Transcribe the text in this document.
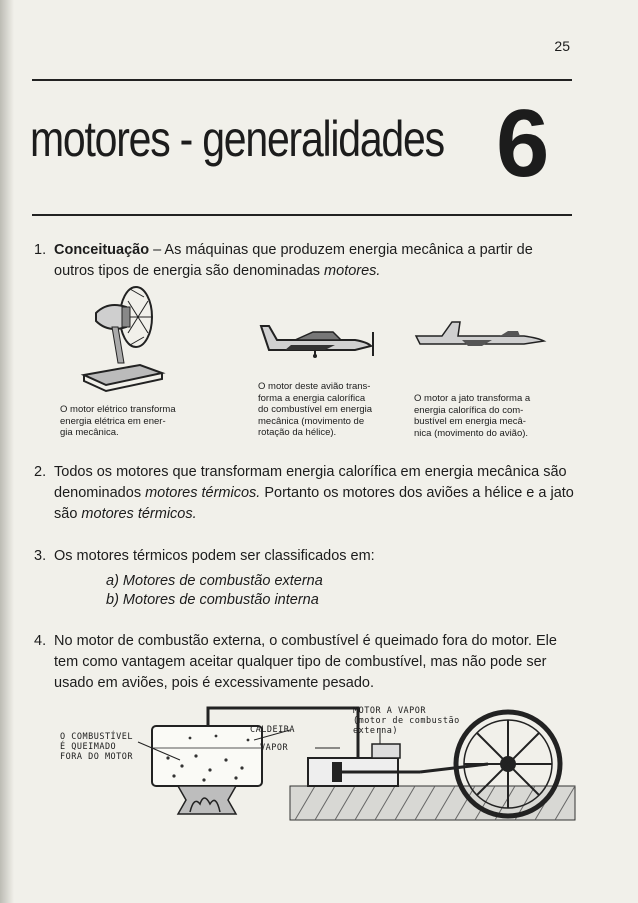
25
motores - generalidades 6
1. Conceituação – As máquinas que produzem energia mecânica a partir de outros tipos de energia são denominadas motores.
O motor elétrico transforma
energia elétrica em ener-
gia mecânica.
O motor deste avião trans-
forma a energia calorífica
do combustível em energia
mecânica (movimento de
rotação da hélice).
O motor a jato transforma a
energia calorífica do com-
bustível em energia mecâ-
nica (movimento do avião).
2. Todos os motores que transformam energia calorífica em energia mecânica são denominados motores térmicos. Portanto os motores dos aviões a hélice e a jato são motores térmicos.
3. Os motores térmicos podem ser classificados em:
a) Motores de combustão externa
b) Motores de combustão interna
4. No motor de combustão externa, o combustível é queimado fora do motor. Ele tem como vantagem aceitar qualquer tipo de combustível, mas não pode ser usado em aviões, pois é excessivamente pesado.
O COMBUSTÍVEL
É QUEIMADO
FORA DO MOTOR
CALDEIRA
VAPOR
MOTOR A VAPOR
(motor de combustão
externa)
